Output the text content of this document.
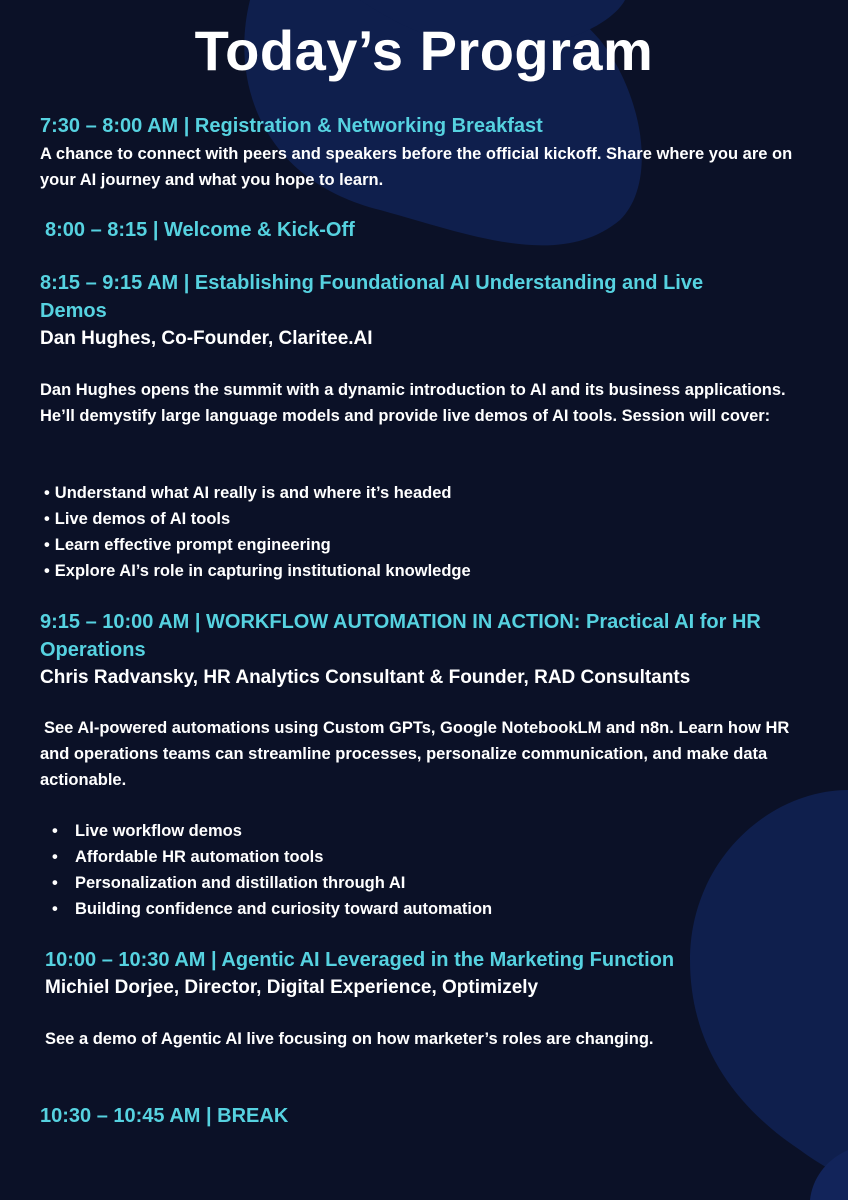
Today’s Program

7:30 – 8:00 AM | Registration & Networking Breakfast

A chance to connect with peers and speakers before the official kickoff. Share where you are on your AI journey and what you hope to learn.

8:00 – 8:15 | Welcome & Kick-Off

8:15 – 9:15 AM | Establishing Foundational AI Understanding and Live Demos

Dan Hughes, Co-Founder, Claritee.AI

Dan Hughes opens the summit with a dynamic introduction to AI and its business applications. He’ll demystify large language models and provide live demos of AI tools. Session will cover:

• Understand what AI really is and where it’s headed
• Live demos of AI tools
• Learn effective prompt engineering
• Explore AI’s role in capturing institutional knowledge

9:15 – 10:00 AM | WORKFLOW AUTOMATION IN ACTION: Practical AI for HR Operations

Chris Radvansky, HR Analytics Consultant & Founder, RAD Consultants

See AI-powered automations using Custom GPTs, Google NotebookLM and n8n. Learn how HR and operations teams can streamline processes, personalize communication, and make data actionable.

• Live workflow demos
• Affordable HR automation tools
• Personalization and distillation through AI
• Building confidence and curiosity toward automation

10:00 – 10:30 AM | Agentic AI Leveraged in the Marketing Function

Michiel Dorjee, Director, Digital Experience, Optimizely

See a demo of Agentic AI live focusing on how marketer’s roles are changing.

10:30 – 10:45 AM | BREAK
